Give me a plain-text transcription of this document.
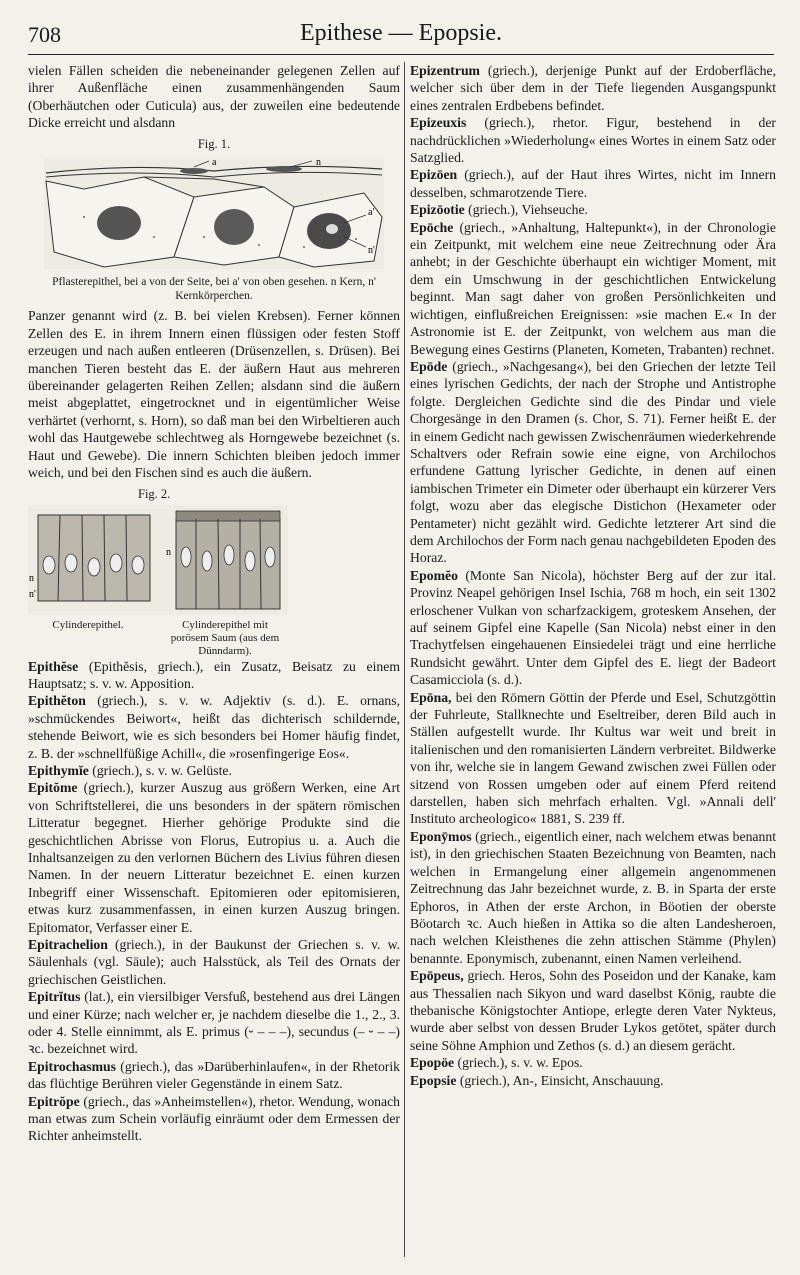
708	Epithese — Epopsie.

vielen Fällen scheiden die nebeneinander gelegenen Zellen auf ihrer Außenfläche einen zusammenhängenden Saum (Oberhäutchen oder Cuticula) aus, der zuweilen eine bedeutende Dicke erreicht und alsdann

Fig. 1.
a	n
a'
n'
Pflasterepithel, bei a von der Seite, bei a' von oben gesehen. n Kern, n' Kernkörperchen.

Panzer genannt wird (z. B. bei vielen Krebsen). Ferner können Zellen des E. in ihrem Innern einen flüssigen oder festen Stoff erzeugen und nach außen entleeren (Drüsenzellen, s. Drüsen). Bei manchen Tieren besteht das E. der äußern Haut aus mehreren übereinander gelagerten Reihen Zellen; alsdann sind die äußern meist abgeplattet, eingetrocknet und in eigentümlicher Weise verhärtet (verhornt, s. Horn), so daß man bei den Wirbeltieren auch wohl das Hautgewebe schlechtweg als Horngewebe bezeichnet (s. Haut und Gewebe). Die innern Schichten bleiben jedoch immer weich, und bei den Fischen sind es auch die äußern.

Fig. 2.
n
n'
n
Cylinderepithel.	Cylinderepithel mit porösem Saum (aus dem Dünndarm).

Epithĕse (Epithĕsis, griech.), ein Zusatz, Beisatz zu einem Hauptsatz; s. v. w. Apposition.

Epithĕton (griech.), s. v. w. Adjektiv (s. d.). E. ornans, »schmückendes Beiwort«, heißt das dichterisch schildernde, stehende Beiwort, wie es sich besonders bei Homer häufig findet, z. B. der »schnellfüßige Achill«, die »rosenfingerige Eos«.

Epithymĭe (griech.), s. v. w. Gelüste.

Epitŏme (griech.), kurzer Auszug aus größern Werken, eine Art von Schriftstellerei, die uns besonders in der spätern römischen Litteratur begegnet. Hierher gehörige Produkte sind die geschichtlichen Abrisse von Florus, Eutropius u. a. Auch die Inhaltsanzeigen zu den verlornen Büchern des Livius führen diesen Namen. In der neuern Litteratur bezeichnet E. einen kurzen Inbegriff einer Wissenschaft. Epitomieren oder epitomisieren, etwas kurz zusammenfassen, in einen kurzen Auszug bringen. Epitomator, Verfasser einer E.

Epitrachelion (griech.), in der Baukunst der Griechen s. v. w. Säulenhals (vgl. Säule); auch Halsstück, als Teil des Ornats der griechischen Geistlichen.

Epitrĭtus (lat.), ein viersilbiger Versfuß, bestehend aus drei Längen und einer Kürze; nach welcher er, je nachdem dieselbe die 1., 2., 3. oder 4. Stelle einnimmt, als E. primus (⏑ – – –), secundus (– ⏑ – –) ꝛc. bezeichnet wird.

Epitrochasmus (griech.), das »Darüberhinlaufen«, in der Rhetorik das flüchtige Berühren vieler Gegenstände in einem Satz.

Epitrŏpe (griech., das »Anheimstellen«), rhetor. Wendung, wonach man etwas zum Schein vorläufig einräumt oder dem Ermessen der Richter anheimstellt.

Epizentrum (griech.), derjenige Punkt auf der Erdoberfläche, welcher sich über dem in der Tiefe liegenden Ausgangspunkt eines zentralen Erdbebens befindet.

Epizeuxis (griech.), rhetor. Figur, bestehend in der nachdrücklichen »Wiederholung« eines Wortes in einem Satz oder Satzglied.

Epizōen (griech.), auf der Haut ihres Wirtes, nicht im Innern desselben, schmarotzende Tiere.

Epizōotie (griech.), Viehseuche.

Epōche (griech., »Anhaltung, Haltepunkt«), in der Chronologie ein Zeitpunkt, mit welchem eine neue Zeitrechnung oder Ära anhebt; in der Geschichte überhaupt ein wichtiger Moment, mit dem ein Umschwung in der geschichtlichen Entwickelung beginnt. Man sagt daher von großen Persönlichkeiten und wichtigen, einflußreichen Ereignissen: »sie machen E.« In der Astronomie ist E. der Zeitpunkt, von welchem aus man die Bewegung eines Gestirns (Planeten, Kometen, Trabanten) rechnet.

Epōde (griech., »Nachgesang«), bei den Griechen der letzte Teil eines lyrischen Gedichts, der nach der Strophe und Antistrophe folgte. Dergleichen Gedichte sind die des Pindar und viele Chorgesänge in den Dramen (s. Chor, S. 71). Ferner heißt E. der in einem Gedicht nach gewissen Zwischenräumen wiederkehrende Schaltvers oder Refrain sowie eine eigne, von Archilochos erfundene Gattung lyrischer Gedichte, in denen auf einen iambischen Trimeter ein Dimeter oder überhaupt ein kürzerer Vers folgt, wozu aber das elegische Distichon (Hexameter oder Pentameter) nicht gezählt wird. Gedichte letzterer Art sind die dem Archilochos der Form nach genau nachgebildeten Epoden des Horaz.

Epomĕo (Monte San Nicola), höchster Berg auf der zur ital. Provinz Neapel gehörigen Insel Ischia, 768 m hoch, ein seit 1302 erloschener Vulkan von scharfzackigem, groteskem Ansehen, der auf seinem Gipfel eine Kapelle (San Nicola) nebst einer in den Trachytfelsen eingehauenen Einsiedelei trägt und eine herrliche Rundsicht gewährt. Unter dem Gipfel des E. liegt der Badeort Casamicciola (s. d.).

Epōna, bei den Römern Göttin der Pferde und Esel, Schutzgöttin der Fuhrleute, Stallknechte und Eseltreiber, deren Bild auch in Ställen aufgestellt wurde. Ihr Kultus war weit und breit in italienischen und den romanisierten Ländern verbreitet. Bildwerke von ihr, welche sie in langem Gewand zwischen zwei Füllen oder sitzend von Rossen umgeben oder auf einem Pferd reitend darstellen, haben sich mehrfach erhalten. Vgl. »Annali dell' Instituto archeologico« 1881, S. 239 ff.

Eponȳmos (griech., eigentlich einer, nach welchem etwas benannt ist), in den griechischen Staaten Bezeichnung von Beamten, nach welchen in Ermangelung einer allgemein angenommenen Zeitrechnung das Jahr bezeichnet wurde, z. B. in Sparta der erste Ephoros, in Athen der erste Archon, in Böotien der oberste Böotarch ꝛc. Auch hießen in Attika so die alten Landesheroen, nach welchen Kleisthenes die zehn attischen Stämme (Phylen) benannte. Eponymisch, zubenannt, einen Namen verleihend.

Epōpeus, griech. Heros, Sohn des Poseidon und der Kanake, kam aus Thessalien nach Sikyon und ward daselbst König, raubte die thebanische Königstochter Antiope, erlegte deren Vater Nykteus, wurde aber selbst von dessen Bruder Lykos getötet, später durch seine Söhne Amphion und Zethos (s. d.) an diesem gerächt.

Epopöe (griech.), s. v. w. Epos.

Epopsie (griech.), An-, Einsicht, Anschauung.
